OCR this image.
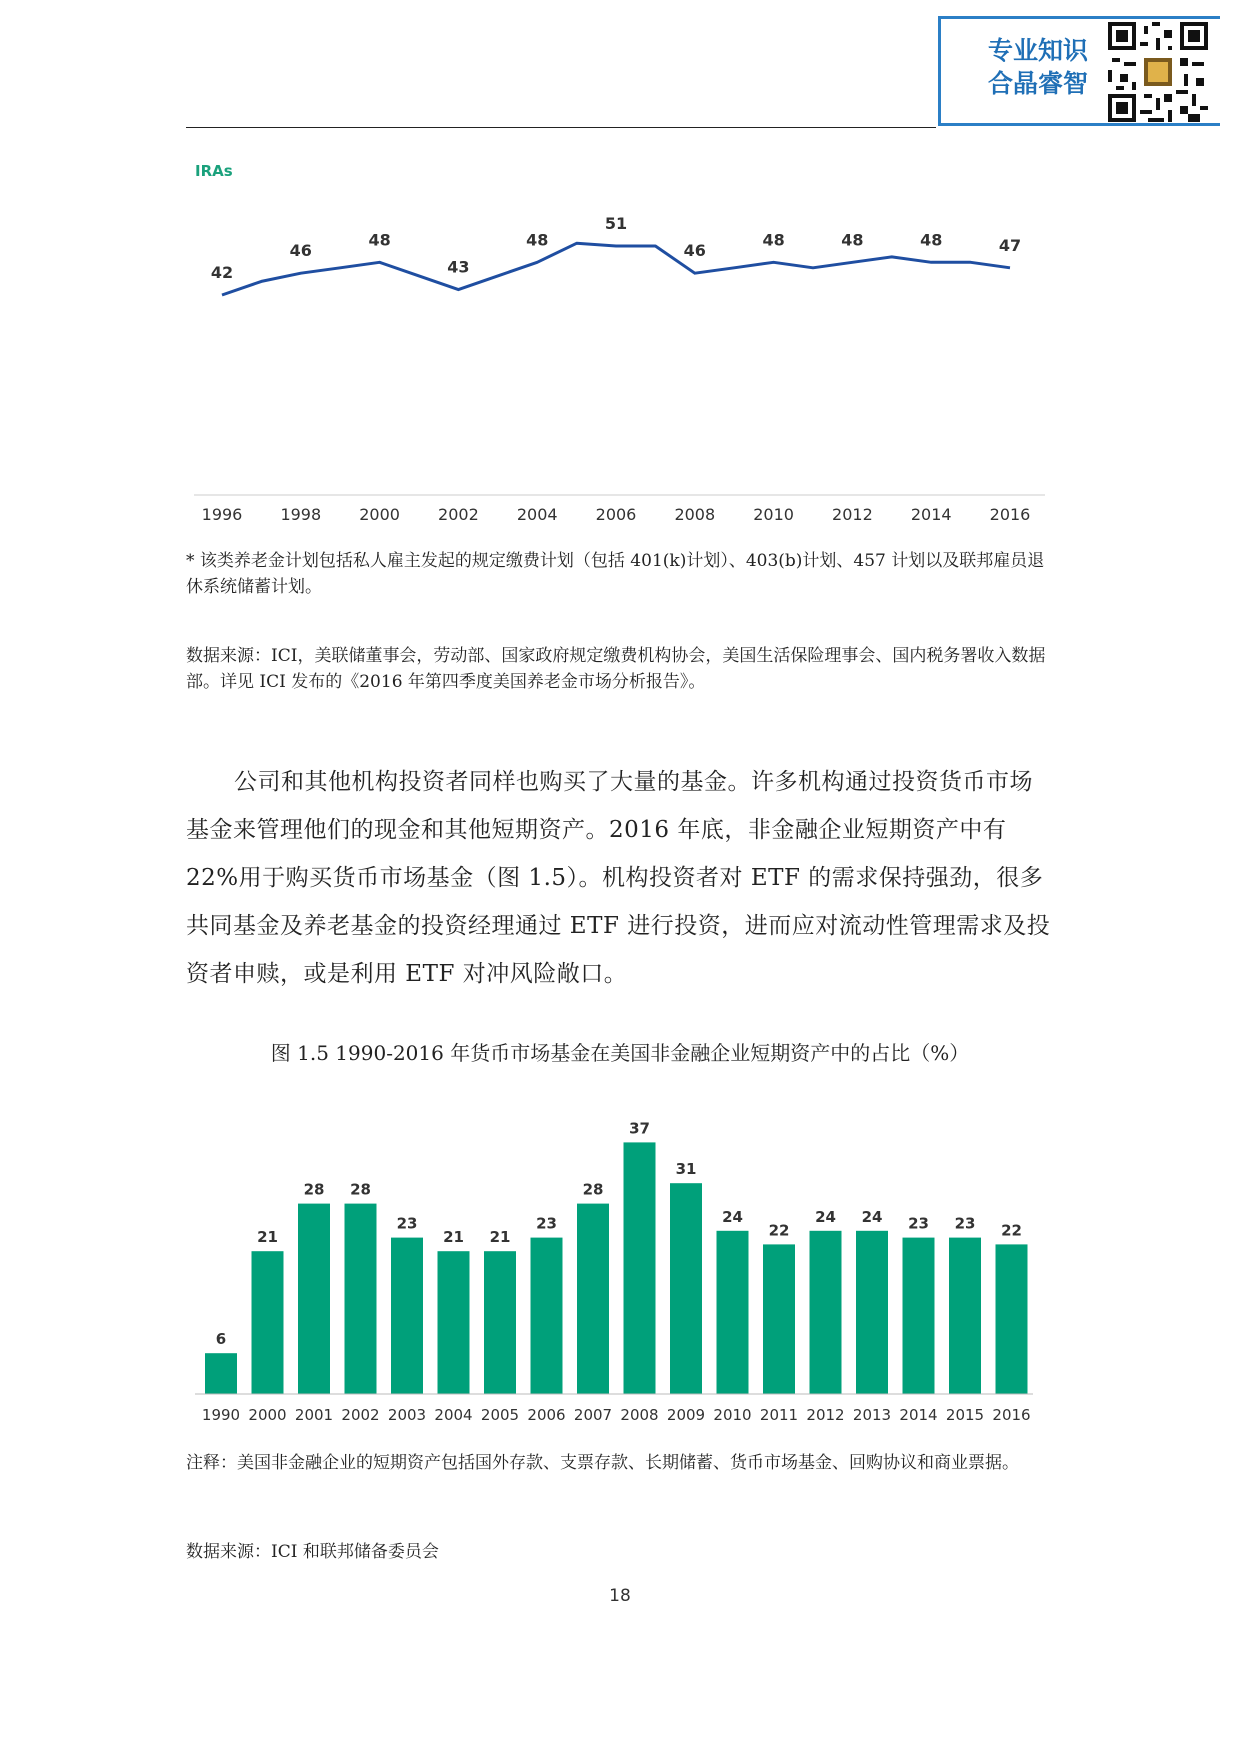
专业知识
合晶睿智
IRAs
42
46
48
43
48
51
46
48	48	48	47
1996 1998 2000 2002 2004 2006 2008 2010 2012 2014 2016
* 该类养老金计划包括私人雇主发起的规定缴费计划（包括 401(k)计划）、403(b)计划、457 计划以及联邦雇员退休系统储蓄计划。
数据来源：ICI，美联储董事会，劳动部、国家政府规定缴费机构协会，美国生活保险理事会、国内税务署收入数据部。详见 ICI 发布的《2016 年第四季度美国养老金市场分析报告》。
公司和其他机构投资者同样也购买了大量的基金。许多机构通过投资货币市场基金来管理他们的现金和其他短期资产。2016 年底，非金融企业短期资产中有 22%用于购买货币市场基金（图 1.5）。机构投资者对 ETF 的需求保持强劲，很多共同基金及养老基金的投资经理通过 ETF 进行投资，进而应对流动性管理需求及投资者申赎，或是利用 ETF 对冲风险敞口。
图 1.5 1990-2016 年货币市场基金在美国非金融企业短期资产中的占比（%）
6
1990
21
2000
28
2001
28
2002
23
2003
21
2004
21
2005
23
2006
28
2007
37
2008
31
2009
24
2010
22
2011
24
2012
24
2013
23
2014
23
2015
22
2016
注释：美国非金融企业的短期资产包括国外存款、支票存款、长期储蓄、货币市场基金、回购协议和商业票据。
数据来源：ICI 和联邦储备委员会
18
